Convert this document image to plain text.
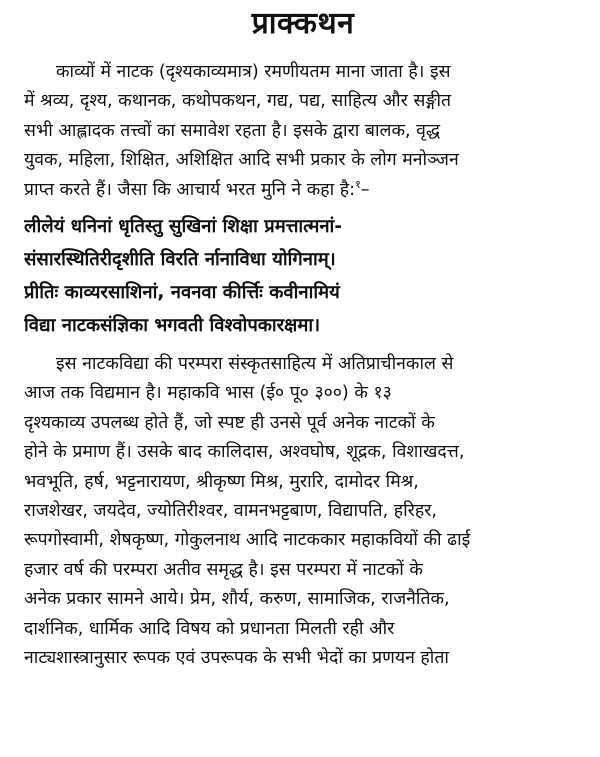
प्राक्कथन
काव्यों में नाटक (दृश्यकाव्यमात्र) रमणीयतम माना जाता है। इस
में श्रव्य, दृश्य, कथानक, कथोपकथन, गद्य, पद्य, साहित्य और सङ्गीत
सभी आह्लादक तत्त्वों का समावेश रहता है। इसके द्वारा बालक, वृद्ध
युवक, महिला, शिक्षित, अशिक्षित आदि सभी प्रकार के लोग मनोञ्जन
प्राप्त करते हैं। जैसा कि आचार्य भरत मुनि ने कहा है:$^१$–
लीलेयं धनिनां धृतिस्तु सुखिनां शिक्षा प्रमत्तात्मनां-
संसारस्थितिरीदृशीति विरति र्नानाविधा योगिनाम्।
प्रीतिः काव्यरसाशिनां, नवनवा कीर्त्तिः कवीनामियं
विद्या नाटकसंज्ञिका भगवती विश्वोपकारक्षमा।
इस नाटकविद्या की परम्परा संस्कृतसाहित्य में अतिप्राचीनकाल से
आज तक विद्यमान है। महाकवि भास (ई० पू० ३००) के १३
दृश्यकाव्य उपलब्ध होते हैं, जो स्पष्ट ही उनसे पूर्व अनेक नाटकों के
होने के प्रमाण हैं। उसके बाद कालिदास, अश्वघोष, शूद्रक, विशाखदत्त,
भवभूति, हर्ष, भट्टनारायण, श्रीकृष्ण मिश्र, मुरारि, दामोदर मिश्र,
राजशेखर, जयदेव, ज्योतिरीश्वर, वामनभट्टबाण, विद्यापति, हरिहर,
रूपगोस्वामी, शेषकृष्ण, गोकुलनाथ आदि नाटककार महाकवियों की ढाई
हजार वर्ष की परम्परा अतीव समृद्ध है। इस परम्परा में नाटकों के
अनेक प्रकार सामने आये। प्रेम, शौर्य, करुण, सामाजिक, राजनैतिक,
दार्शनिक, धार्मिक आदि विषय को प्रधानता मिलती रही और
नाट्यशास्त्रानुसार रूपक एवं उपरूपक के सभी भेदों का प्रणयन होता
